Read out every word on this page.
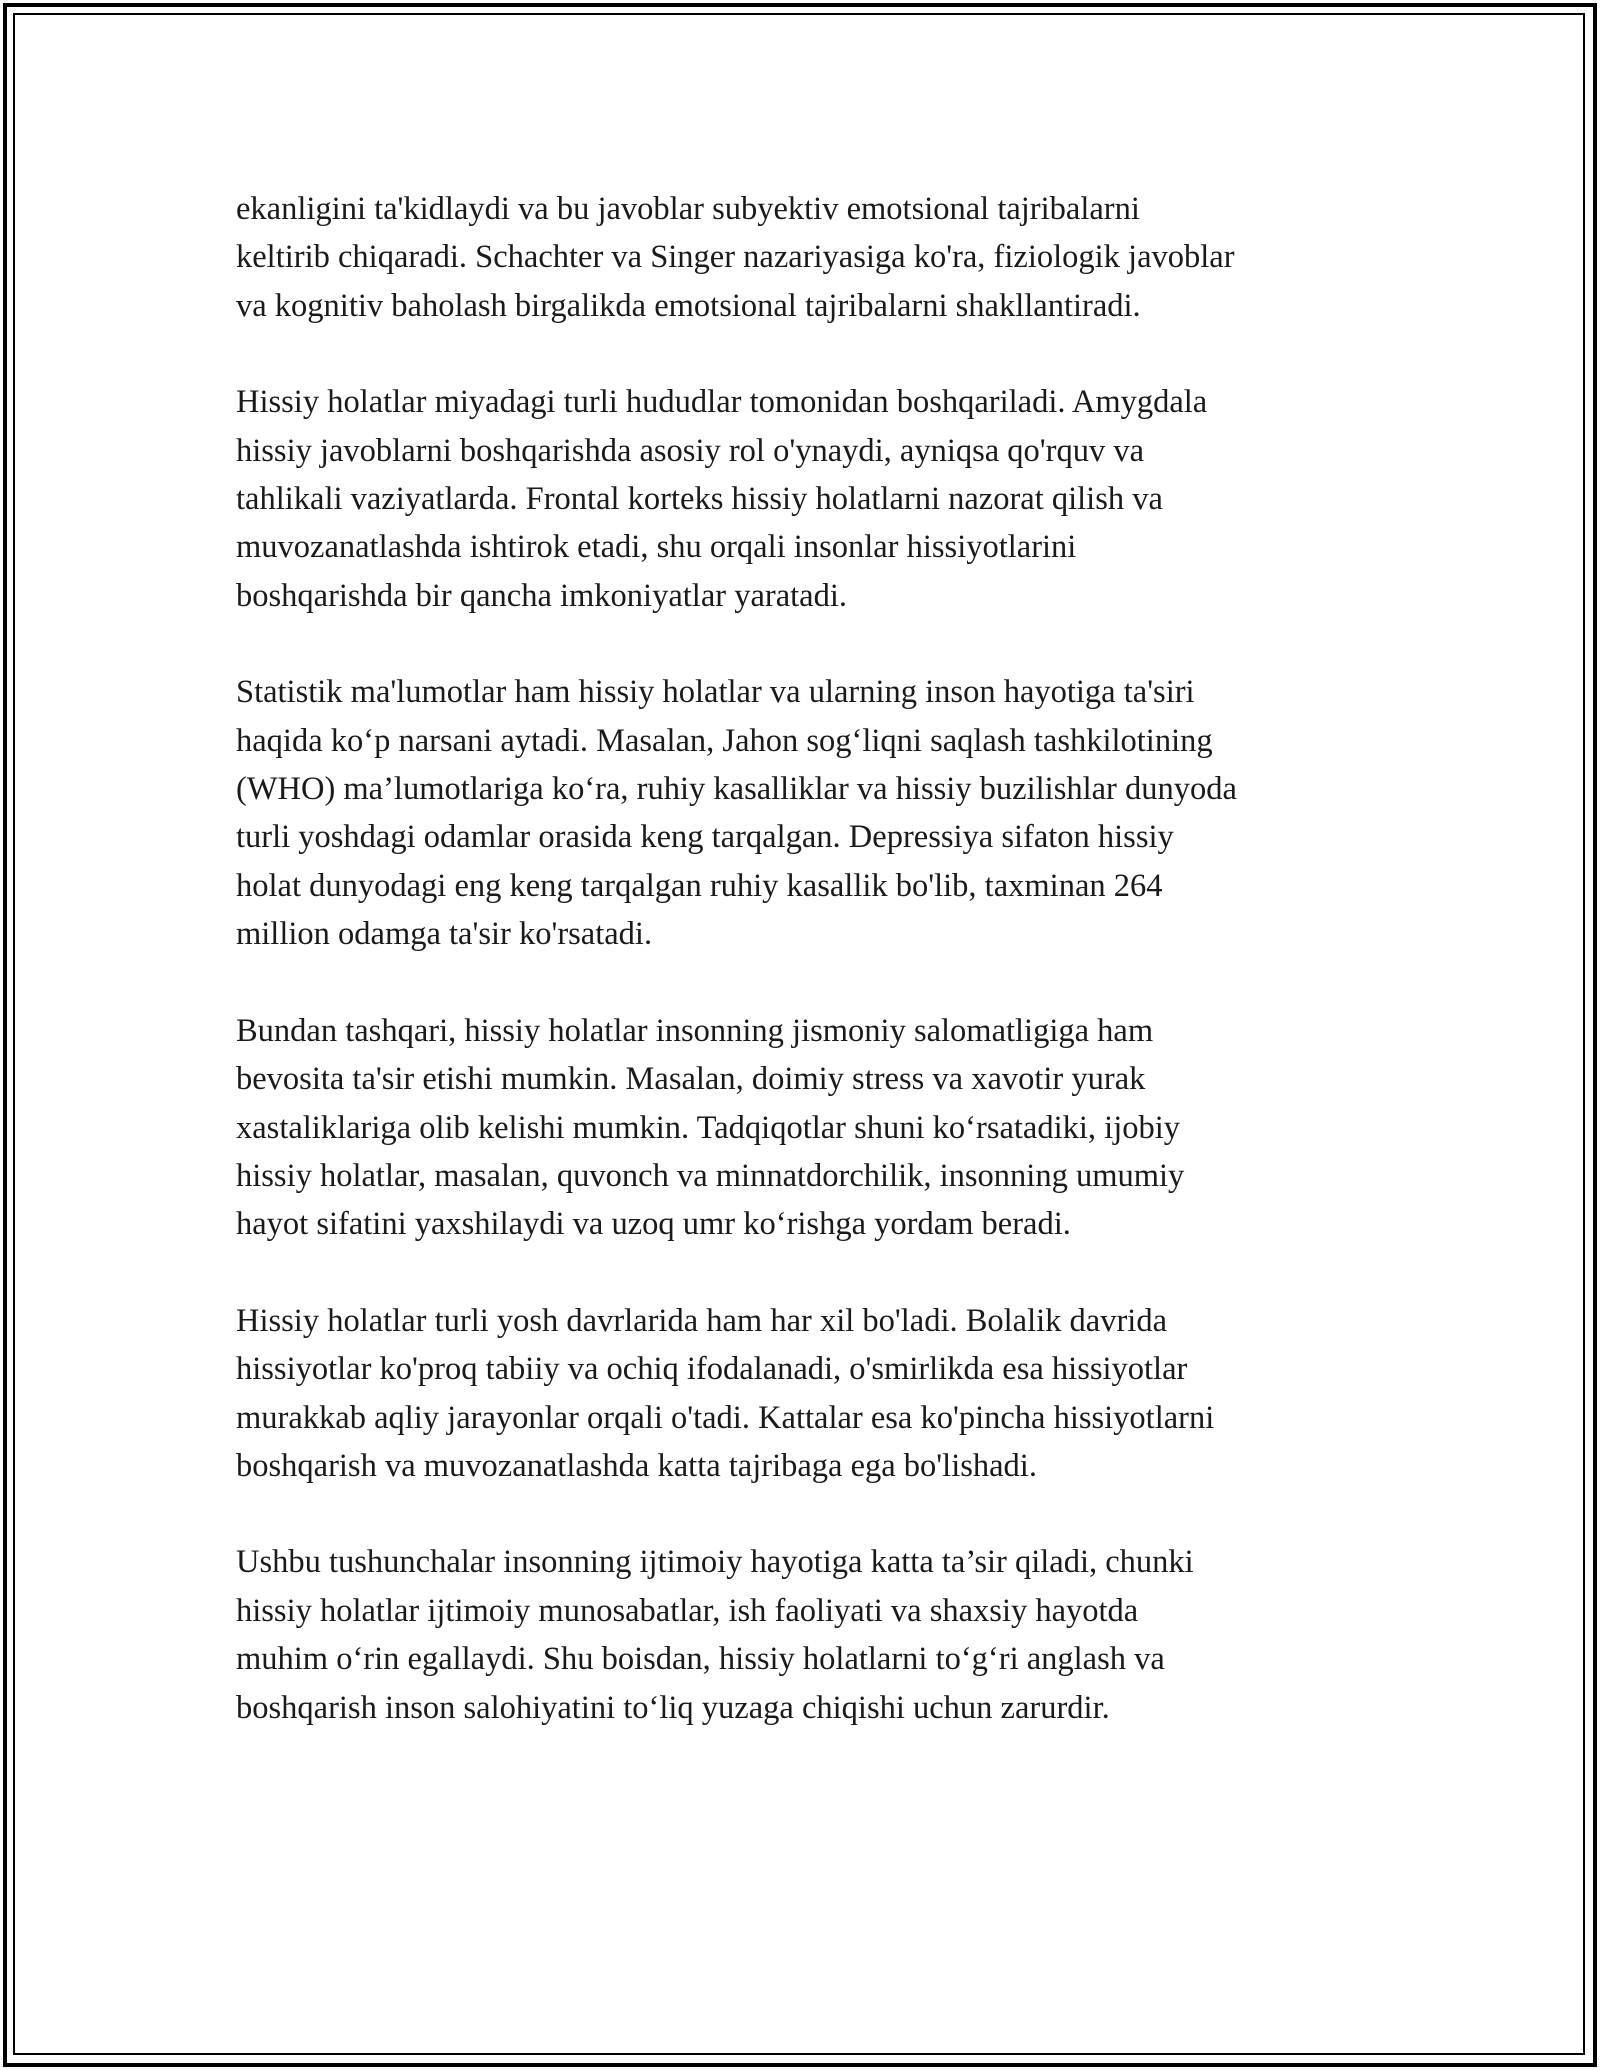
ekanligini ta'kidlaydi va bu javoblar subyektiv emotsional tajribalarni
keltirib chiqaradi. Schachter va Singer nazariyasiga ko'ra, fiziologik javoblar
va kognitiv baholash birgalikda emotsional tajribalarni shakllantiradi.

Hissiy holatlar miyadagi turli hududlar tomonidan boshqariladi. Amygdala
hissiy javoblarni boshqarishda asosiy rol o'ynaydi, ayniqsa qo'rquv va
tahlikali vaziyatlarda. Frontal korteks hissiy holatlarni nazorat qilish va
muvozanatlashda ishtirok etadi, shu orqali insonlar hissiyotlarini
boshqarishda bir qancha imkoniyatlar yaratadi.

Statistik ma'lumotlar ham hissiy holatlar va ularning inson hayotiga ta'siri
haqida ko‘p narsani aytadi. Masalan, Jahon sog‘liqni saqlash tashkilotining
(WHO) ma’lumotlariga ko‘ra, ruhiy kasalliklar va hissiy buzilishlar dunyoda
turli yoshdagi odamlar orasida keng tarqalgan. Depressiya sifaton hissiy
holat dunyodagi eng keng tarqalgan ruhiy kasallik bo'lib, taxminan 264
million odamga ta'sir ko'rsatadi.

Bundan tashqari, hissiy holatlar insonning jismoniy salomatligiga ham
bevosita ta'sir etishi mumkin. Masalan, doimiy stress va xavotir yurak
xastaliklariga olib kelishi mumkin. Tadqiqotlar shuni ko‘rsatadiki, ijobiy
hissiy holatlar, masalan, quvonch va minnatdorchilik, insonning umumiy
hayot sifatini yaxshilaydi va uzoq umr ko‘rishga yordam beradi.

Hissiy holatlar turli yosh davrlarida ham har xil bo'ladi. Bolalik davrida
hissiyotlar ko'proq tabiiy va ochiq ifodalanadi, o'smirlikda esa hissiyotlar
murakkab aqliy jarayonlar orqali o'tadi. Kattalar esa ko'pincha hissiyotlarni
boshqarish va muvozanatlashda katta tajribaga ega bo'lishadi.

Ushbu tushunchalar insonning ijtimoiy hayotiga katta ta’sir qiladi, chunki
hissiy holatlar ijtimoiy munosabatlar, ish faoliyati va shaxsiy hayotda
muhim o‘rin egallaydi. Shu boisdan, hissiy holatlarni to‘g‘ri anglash va
boshqarish inson salohiyatini to‘liq yuzaga chiqishi uchun zarurdir.
